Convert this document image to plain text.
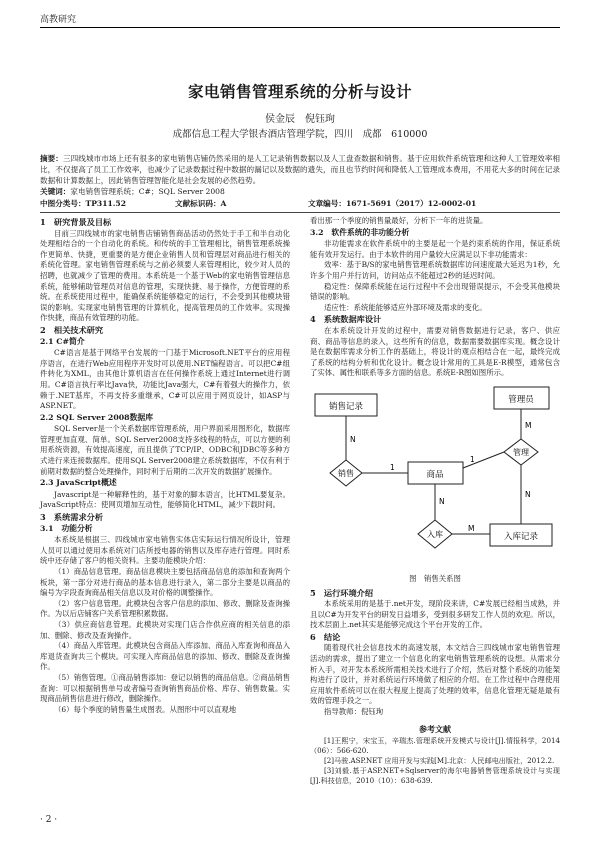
高教研究
家电销售管理系统的分析与设计
侯金辰　倪钰珣
成都信息工程大学银杏酒店管理学院，四川　成都　610000
摘要：三四线城市市场上还有很多的家电销售店铺仍然采用的是人工记录销售数据以及人工盘查数据和销售。基于应用软件系统管理和这种人工管理效率相比，不仅提高了员工工作效率，也减少了记录数据过程中数据的漏记以及数据的遗失，而且也节约时间和降低人工管理成本费用，不用花大多的时间在记录数据和计算数据上，因此销售管理智能化是社会发展的必然趋势。
关键词：家电销售管理系统；C#；SQL Server 2008
中图分类号：TP311.52	文献标识码：A	文章编号：1671-5691（2017）12-0002-01
1　研究背景及目标

目前三四线城市的家电销售店铺销售商品活动仍然处于手工和半自动化处理相结合的一个自动化的系统。和传统的手工管理相比，销售管理系统操作更简单、快捷，更重要的是方便企业销售人员和管理层对商品进行相关的系统化管理。家电销售管理系统与之前必须要人来管理相比，较少对人员的招聘，也就减少了管理的费用。本系统是一个基于Web的家电销售管理信息系统，能够辅助管理员对信息的管理，实现快捷、易于操作，方便管理的系统。在系统使用过程中，能确保系统能够稳定的运行，不会受到其他模块错误的影响。实现家电销售管理的计算机化，提高管理员的工作效率。实现操作快捷，商品有效管理的功能。

2　相关技术研究
2.1 C#简介

C#语言是基于网络平台发展的一门基于Microsoft.NET平台的应用程序语言，在进行Web应用程序开发时可以使用.NET编程语言。可以把C#组件转化为XML，由其他计算机语言在任何操作系统上通过Internet进行调用。C#语言执行率比Java快，功能比Java强大，C#有着强大的操作力，依赖于.NET基库，不再支持多重继承，C#可以应用于网页设计，如ASP与ASP.NET。

2.2 SQL Server 2008数据库

SQL Server是一个关系数据库管理系统，用户界面采用图形化，数据库管理更加直观、简单。SQL Server2008支持多线程的特点，可以方便的利用系统资源，有效提高速度，而且提供了TCP/IP、ODBC和JDBC等多种方式进行来连接数据库。使用SQL Server2008建立系统数据库，不仅有利于前期对数据的整合处理操作，同时利于后期的二次开发的数据扩展操作。

2.3 JavaScript概述

Javascript是一种解释性的，基于对象的脚本语言，比HTML要复杂。JavaScript特点：使网页增加互动性，能够简化HTML，减少下载时间。

3　系统需求分析
3.1　功能分析

本系统是根据三、四线城市家电销售实体店实际运行情况所设计，管理人员可以通过使用本系统对门店所授电器的销售以及库存进行管理。同时系统中还存储了客户的相关资料。主要功能模块介绍：

（1）商品信息管理。商品信息模块主要包括商品信息的添加和查询两个板块，第一部分对进行商品的基本信息进行录入，第二部分主要是以商品的编号为字段查询商品相关信息以及对价格的调整操作。

（2）客户信息管理。此模块包含客户信息的添加、修改、删除及查询操作。为以后店铺客户关系管理积累数据。

（3）供应商信息管理。此模块对实现门店合作供应商的相关信息的添加、删除、修改及查询操作。

（4）商品入库管理。此模块包含商品入库添加、商品入库查询和商品入库退货查询共三个模块。可实现入库商品信息的添加、修改、删除及查询操作。

（5）销售管理。①商品销售添加：登记以销售的商品信息。②商品销售查询：可以根据销售单号或者编号查询销售商品价格、库存、销售数量。实现商品销售信息进行修改，删除操作。

（6）每个季度的销售量生成图表。从图形中可以直观地

看出那一个季度的销售量最好，分析下一年的进货量。

3.2　软件系统的非功能分析

非功能需求在软件系统中的主要是起一个是约束系统的作用，保证系统能有效开发运行。由于本软件的用户量较大应满足以下非功能需求：

效率：基于B/S的家电销售管理系统数据库访问速度最大延迟为1秒，允许多个用户并行访问，访问站点不能超过2秒的延迟时间。

稳定性：保障系统能在运行过程中不会出现错误提示，不会受其他模块错误的影响。

适应性：系统能能够适应外部环境及需求的变化。

4　系统数据库设计

在本系统设计开发的过程中，需要对销售数据进行记录，客户、供应商、商品等信息的录入，这些所有的信息，数据需要数据库实现。概念设计是在数据库需求分析工作的基础上，将设计的观点相结合在一起，最终完成了系统的结构分析和优化设计。概念设计常用的工具是E-R模型，通常包含了实体、属性和联系等多方面的信息。系统E-R图如图所示。

销售记录
商品
管理员
入库记录
销售
管理
入库
N
1
M
1
N
N
M
图　销售关系图
5　运行环境介绍

本系统采用的是基于.net开发，现阶段来讲，C#发展已经相当成熟，并且以C#为开发平台的研发日益增多，受到很多研发工作人员的欢迎。所以，技术层面上.net其实是能够完成这个平台开发的工作。

6　结论

随着现代社会信息技术的高速发展，本文结合三四线城市家电销售管理活动的需求，提出了建立一个信息化的家电销售管理系统的设想。从需求分析入手，对开发本系统所需相关技术进行了介绍，然后对整个系统的功能架构进行了设计，并对系统运行环境做了相应的介绍。在工作过程中合理使用应用软件系统可以在很大程度上提高了处理的效率，信息化管理无疑是最有效的管理手段之一。

指导教师：倪钰珣

参考文献

[1]王熙宁，宋宝玉，辛瑞杰.管理系统开发模式与设计[J].情报科学，2014（06）：566-620.

[2]马骏.ASP.NET 应用开发与实践[M].北京：人民邮电出版社，2012.2.

[3]刘毅.基于ASP.NET+Sqlserver的海尔电器销售管理系统设计与实现[J].科技信息，2010（10）：638-639.

· 2 ·
